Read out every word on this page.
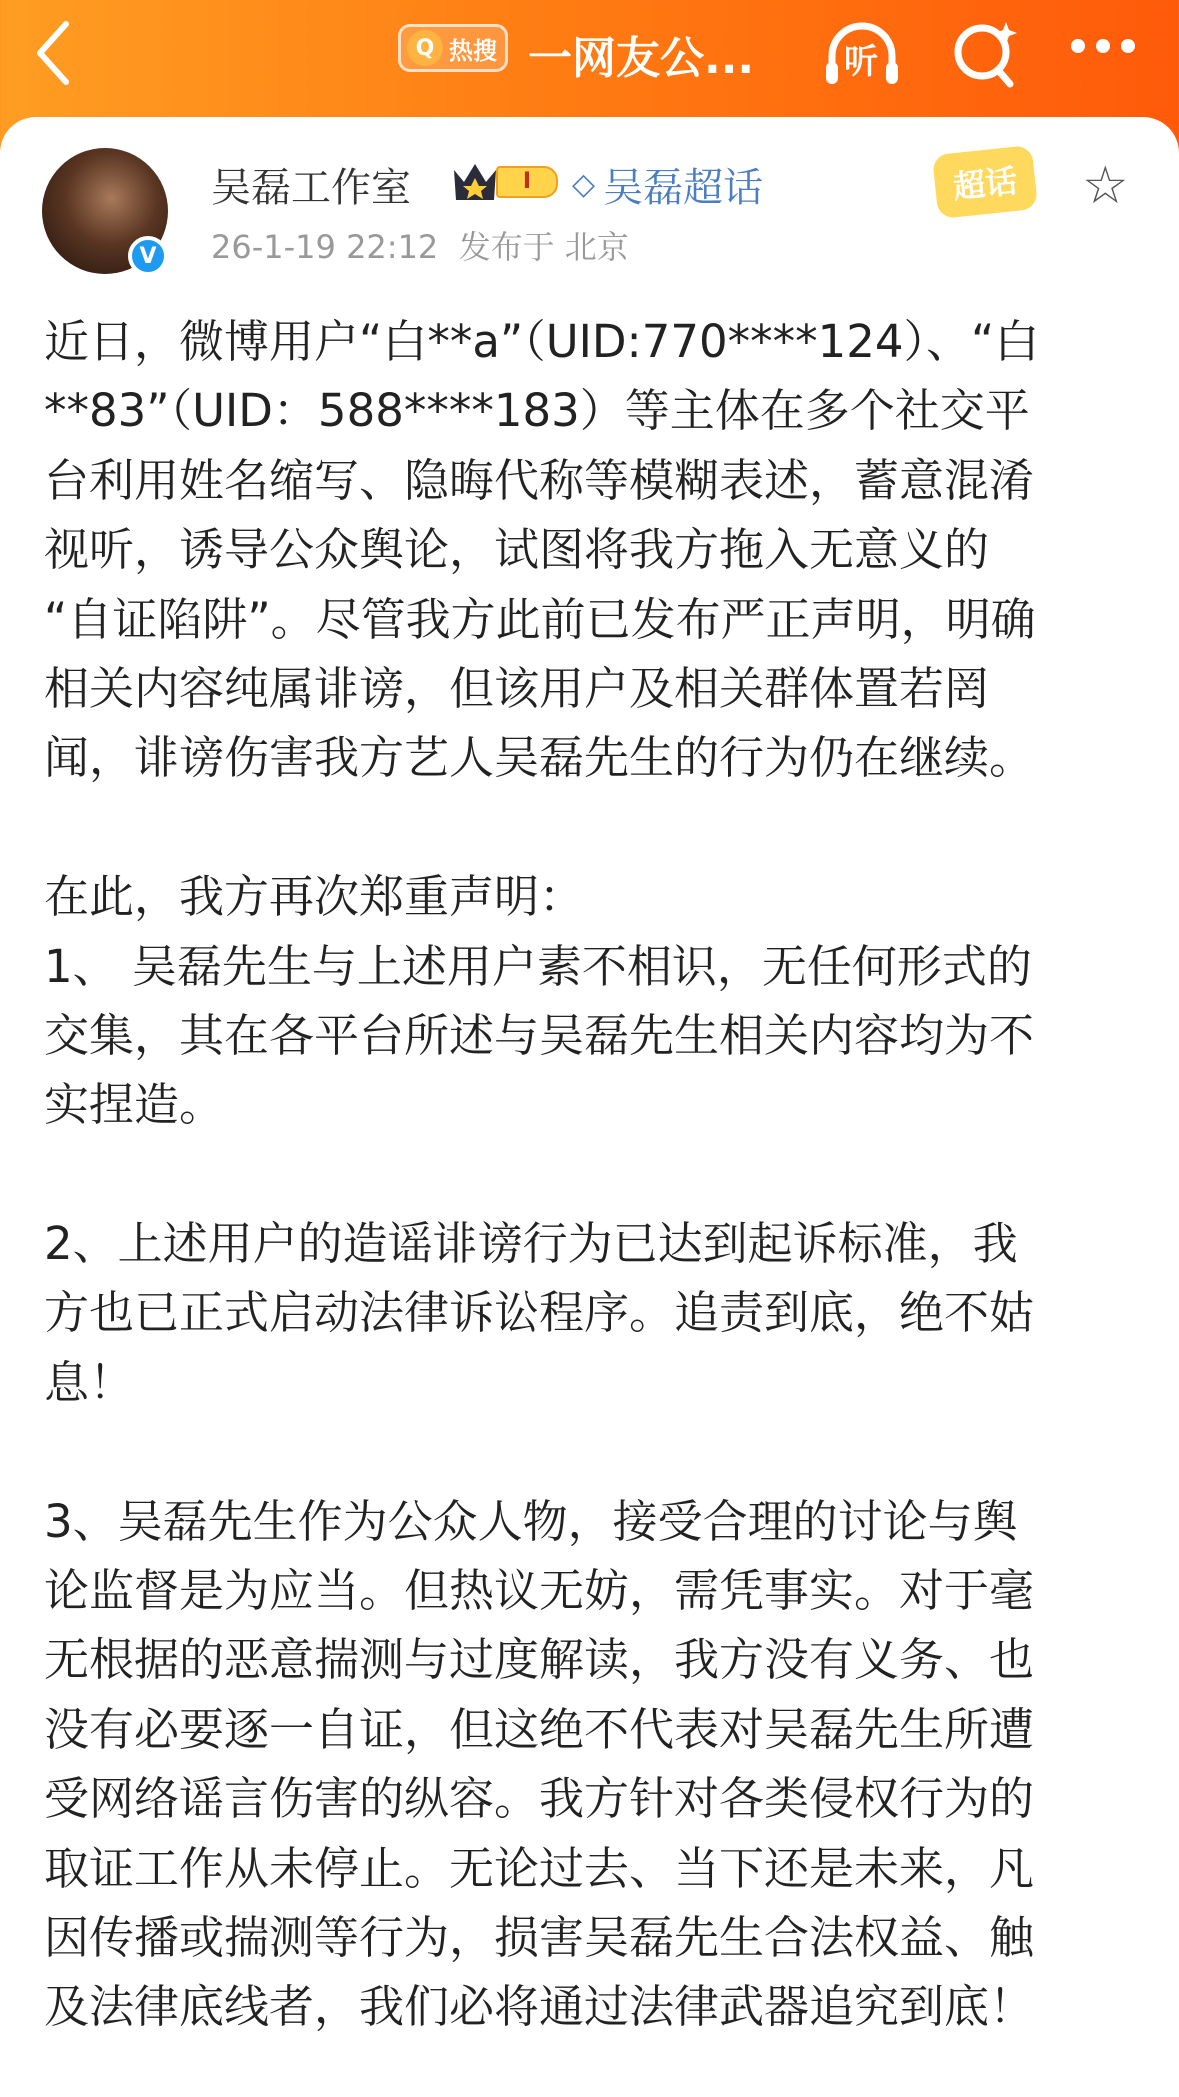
Q 热搜 一网友公...	听
V
吴磊工作室	I	◇ 吴磊超话
26-1-19 22:12 发布于 北京
超话	☆
近日，微博用户“白**a”（UID:770****124）、“白
**83”（UID：588****183）等主体在多个社交平
台利用姓名缩写、隐晦代称等模糊表述，蓄意混淆
视听，诱导公众舆论，试图将我方拖入无意义的
“自证陷阱”。尽管我方此前已发布严正声明，明确
相关内容纯属诽谤，但该用户及相关群体置若罔
闻，诽谤伤害我方艺人吴磊先生的行为仍在继续。
在此，我方再次郑重声明：
1、 吴磊先生与上述用户素不相识，无任何形式的
交集，其在各平台所述与吴磊先生相关内容均为不
实捏造。
2、上述用户的造谣诽谤行为已达到起诉标准，我
方也已正式启动法律诉讼程序。追责到底，绝不姑
息！
3、吴磊先生作为公众人物，接受合理的讨论与舆
论监督是为应当。但热议无妨，需凭事实。对于毫
无根据的恶意揣测与过度解读，我方没有义务、也
没有必要逐一自证，但这绝不代表对吴磊先生所遭
受网络谣言伤害的纵容。我方针对各类侵权行为的
取证工作从未停止。无论过去、当下还是未来，凡
因传播或揣测等行为，损害吴磊先生合法权益、触
及法律底线者，我们必将通过法律武器追究到底！
